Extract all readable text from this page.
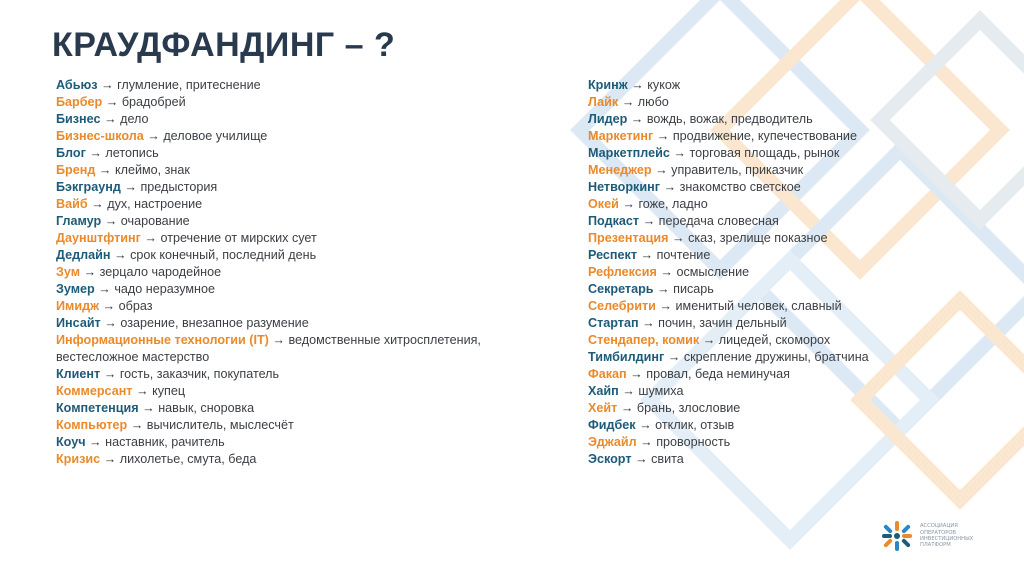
КРАУДФАНДИНГ – ?
Абьюз → глумление, притеснение
Барбер → брадобрей
Бизнес → дело
Бизнес-школа → деловое училище
Блог → летопись
Бренд → клеймо, знак
Бэкграунд → предыстория
Вайб → дух, настроение
Гламур → очарование
Даунштфтинг → отречение от мирских сует
Дедлайн → срок конечный, последний день
Зум → зерцало чародейное
Зумер → чадо неразумное
Имидж → образ
Инсайт → озарение, внезапное разумение
Информационные технологии (IT) → ведомственные хитросплетения,
вестесложное мастерство
Клиент → гость, заказчик, покупатель
Коммерсант → купец
Компетенция → навык, сноровка
Компьютер → вычислитель, мыслесчёт
Коуч → наставник, рачитель
Кризис → лихолетье, смута, беда
Кринж → кукож
Лайк → любо
Лидер → вождь, вожак, предводитель
Маркетинг → продвижение, купечествование
Маркетплейс → торговая площадь, рынок
Менеджер → управитель, приказчик
Нетворкинг → знакомство светское
Окей → гоже, ладно
Подкаст → передача словесная
Презентация → сказ, зрелище показное
Респект → почтение
Рефлексия → осмысление
Секретарь → писарь
Селебрити → именитый человек, славный
Стартап → почин, зачин дельный
Стендапер, комик → лицедей, скоморох
Тимбилдинг → скрепление дружины, братчина
Факап → провал, беда неминучая
Хайп → шумиха
Хейт → брань, злословие
Фидбек → отклик, отзыв
Эджайл → проворность
Эскорт → свита
АССОЦИАЦИЯ
ОПЕРАТОРОВ
ИНВЕСТИЦИОННЫХ
ПЛАТФОРМ
